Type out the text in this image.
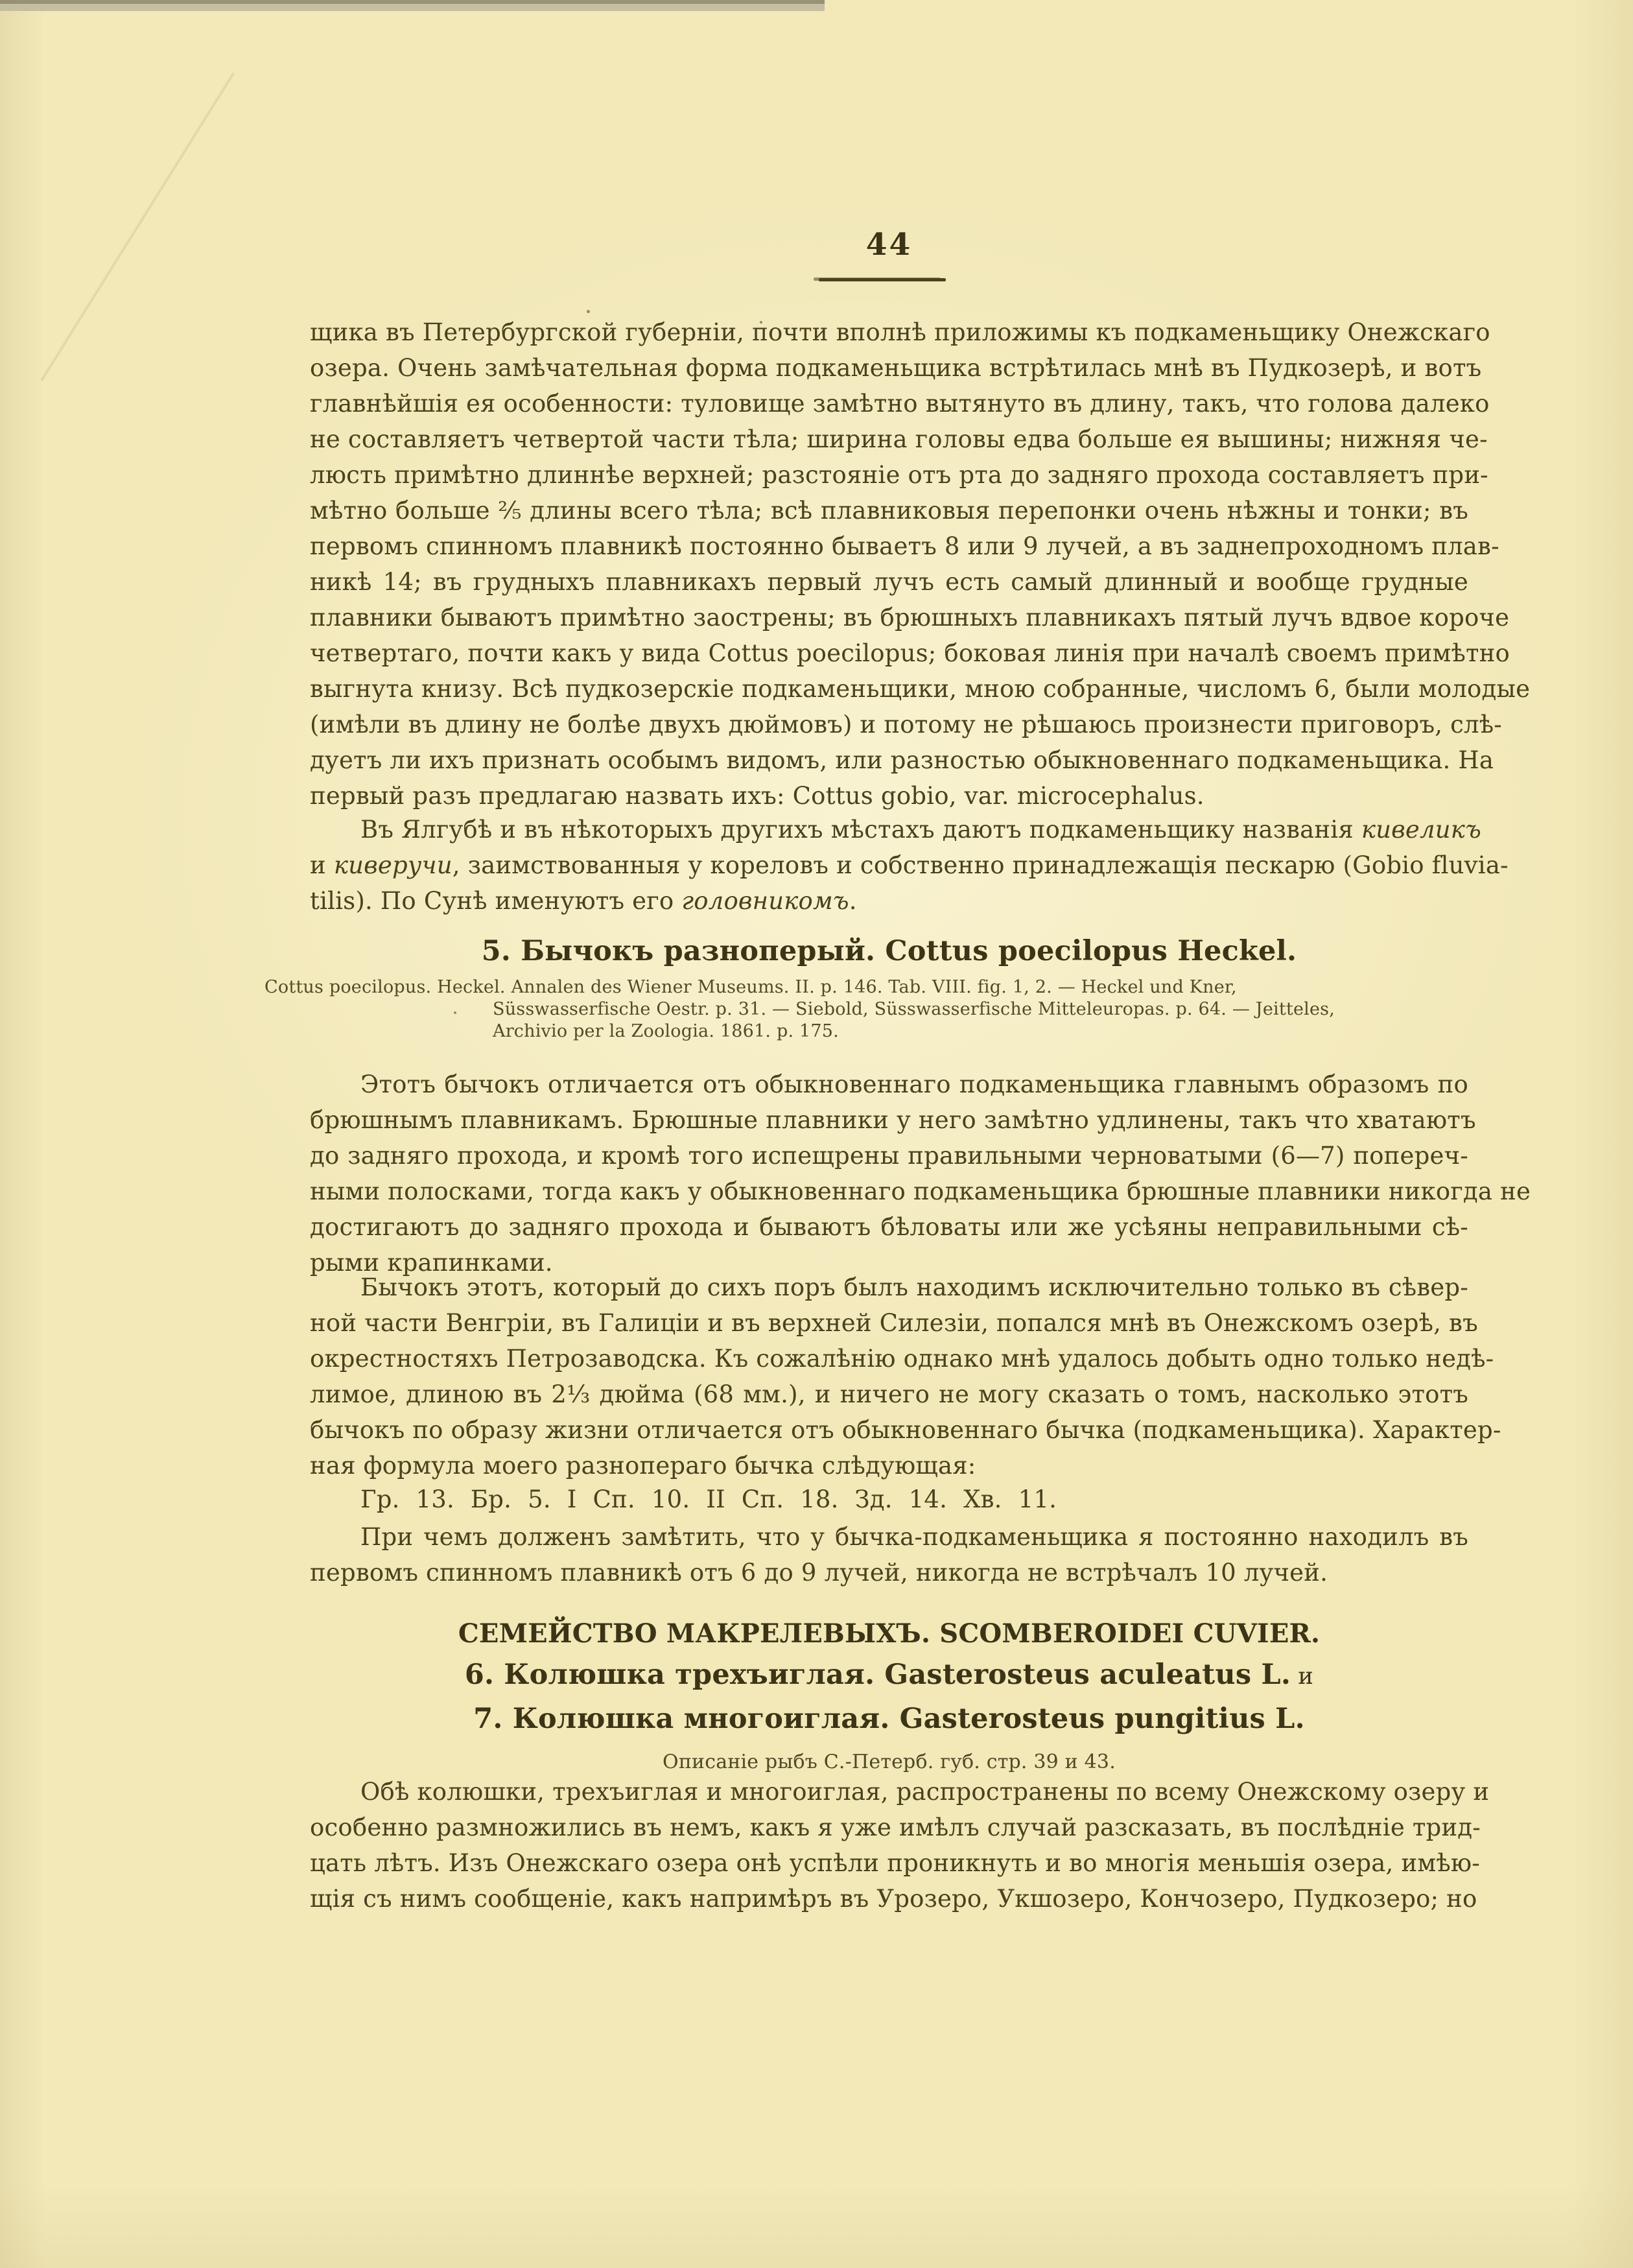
44
щика въ Петербургской губерніи, почти вполнѣ приложимы къ подкаменьщику Онежскаго
озера. Очень замѣчательная форма подкаменьщика встрѣтилась мнѣ въ Пудкозерѣ, и вотъ
главнѣйшія ея особенности: туловище замѣтно вытянуто въ длину, такъ, что голова далеко
не составляетъ четвертой части тѣла; ширина головы едва больше ея вышины; нижняя че-
люсть примѣтно длиннѣе верхней; разстояніе отъ рта до задняго прохода составляетъ при-
мѣтно больше ²⁄₅ длины всего тѣла; всѣ плавниковыя перепонки очень нѣжны и тонки; въ
первомъ спинномъ плавникѣ постоянно бываетъ 8 или 9 лучей, а въ заднепроходномъ плав-
никѣ 14; въ грудныхъ плавникахъ первый лучъ есть самый длинный и вообще грудные
плавники бываютъ примѣтно заострены; въ брюшныхъ плавникахъ пятый лучъ вдвое короче
четвертаго, почти какъ у вида Cottus poecilopus; боковая линія при началѣ своемъ примѣтно
выгнута книзу. Всѣ пудкозерскіе подкаменьщики, мною собранные, числомъ 6, были молодые
(имѣли въ длину не болѣе двухъ дюймовъ) и потому не рѣшаюсь произнести приговоръ, слѣ-
дуетъ ли ихъ признать особымъ видомъ, или разностью обыкновеннаго подкаменьщика. На
первый разъ предлагаю назвать ихъ: Cottus gobio, var. microcephalus.
Въ Ялгубѣ и въ нѣкоторыхъ другихъ мѣстахъ даютъ подкаменьщику названія кивеликъ
и киверучи, заимствованныя у кореловъ и собственно принадлежащія пескарю (Gobio fluvia-
tilis). По Сунѣ именуютъ его головникомъ.
5. Бычокъ разноперый. Cottus poecilopus Heckel.
Cottus poecilopus. Heckel. Annalen des Wiener Museums. II. p. 146. Tab. VIII. fig. 1, 2. — Heckel und Kner,
Süsswasserfische Oestr. p. 31. — Siebold, Süsswasserfische Mitteleuropas. p. 64. — Jeitteles,
Archivio per la Zoologia. 1861. p. 175.
Этотъ бычокъ отличается отъ обыкновеннаго подкаменьщика главнымъ образомъ по
брюшнымъ плавникамъ. Брюшные плавники у него замѣтно удлинены, такъ что хватаютъ
до задняго прохода, и кромѣ того испещрены правильными черноватыми (6—7) попереч-
ными полосками, тогда какъ у обыкновеннаго подкаменьщика брюшные плавники никогда не
достигаютъ до задняго прохода и бываютъ бѣловаты или же усѣяны неправильными сѣ-
рыми крапинками.
Бычокъ этотъ, который до сихъ поръ былъ находимъ исключительно только въ сѣвер-
ной части Венгріи, въ Галиціи и въ верхней Силезіи, попался мнѣ въ Онежскомъ озерѣ, въ
окрестностяхъ Петрозаводска. Къ сожалѣнію однако мнѣ удалось добыть одно только недѣ-
лимое, длиною въ 2¹⁄₃ дюйма (68 мм.), и ничего не могу сказать о томъ, насколько этотъ
бычокъ по образу жизни отличается отъ обыкновеннаго бычка (подкаменьщика). Характер-
ная формула моего разнопераго бычка слѣдующая:
Гр. 13. Бр. 5. I Сп. 10. II Сп. 18. Зд. 14. Хв. 11.
При чемъ долженъ замѣтить, что у бычка-подкаменьщика я постоянно находилъ въ
первомъ спинномъ плавникѣ отъ 6 до 9 лучей, никогда не встрѣчалъ 10 лучей.
СЕМЕЙСТВО МАКРЕЛЕВЫХЪ. SCOMBEROIDEI CUVIER.
6. Колюшка трехъиглая. Gasterosteus aculeatus L. и
7. Колюшка многоиглая. Gasterosteus pungitius L.
Описаніе рыбъ С.-Петерб. губ. стр. 39 и 43.
Обѣ колюшки, трехъиглая и многоиглая, распространены по всему Онежскому озеру и
особенно размножились въ немъ, какъ я уже имѣлъ случай разсказать, въ послѣдніе трид-
цать лѣтъ. Изъ Онежскаго озера онѣ успѣли проникнуть и во многія меньшія озера, имѣю-
щія съ нимъ сообщеніе, какъ напримѣръ въ Урозеро, Укшозеро, Кончозеро, Пудкозеро; но
